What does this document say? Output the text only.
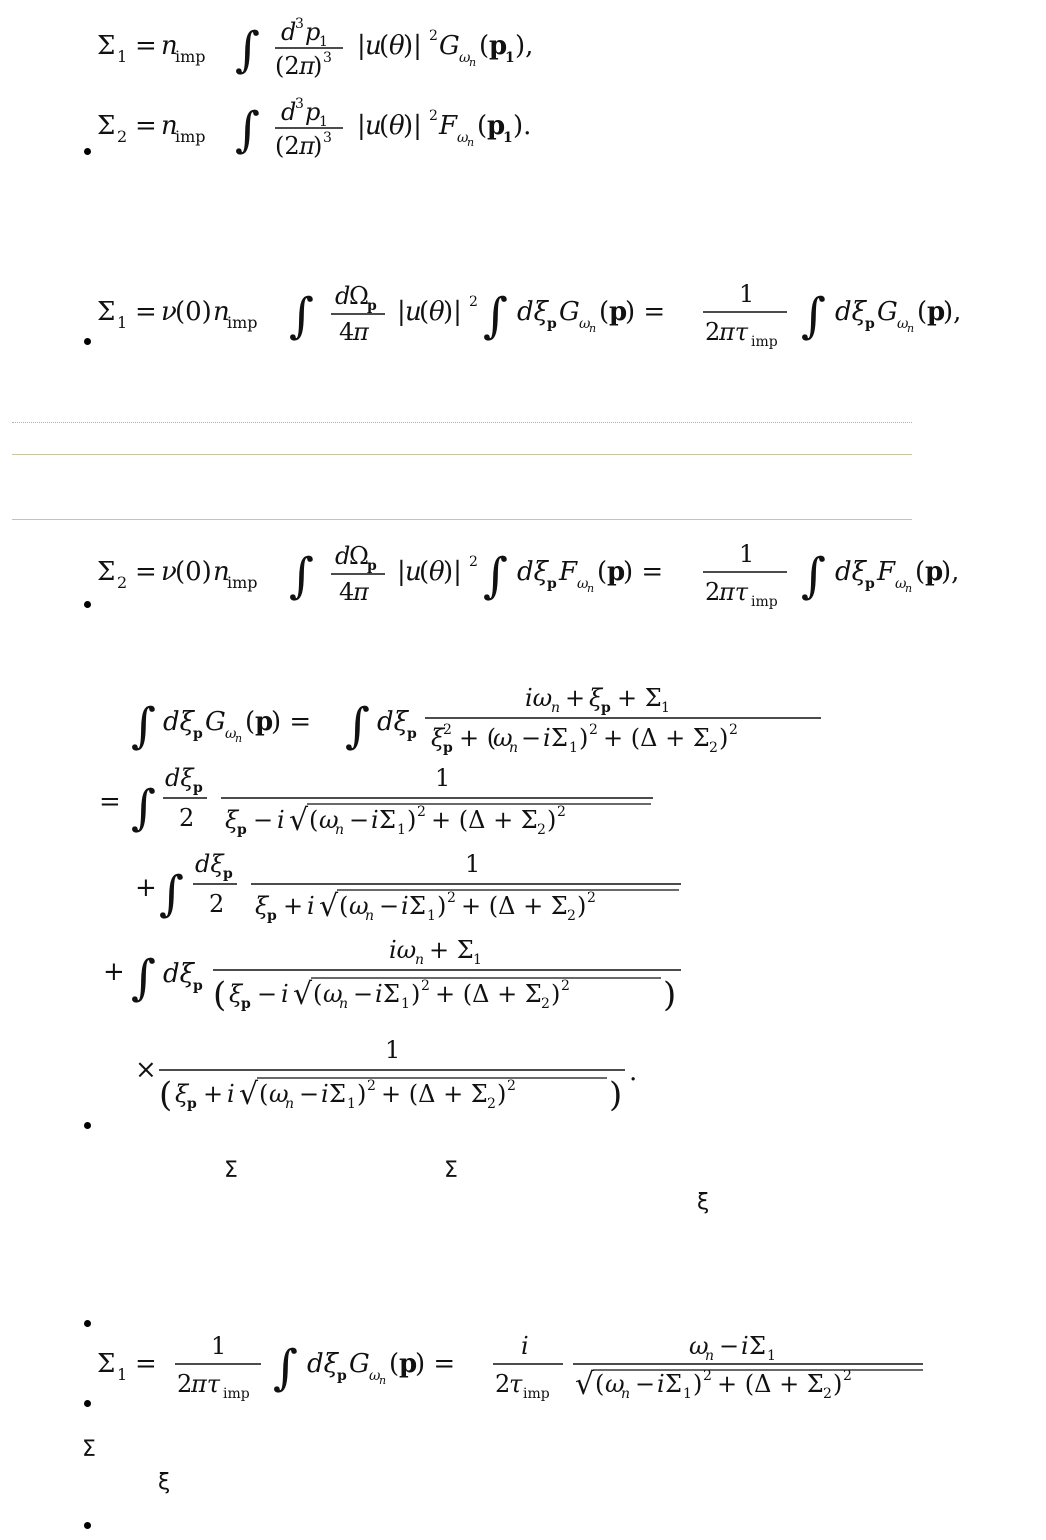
Σ 1 = n
imp ∫ d
3 p
1
(2 π
) 3 | u
( θ
)| 2 G ω
n
( p
1 ),
Σ 2 = n
imp ∫ d
3 p
1
(2 π
) 3 | u
( θ
)| 2 F ω
n
( p
1 ).
Σ 1 = ν
(0) n
imp ∫ d
Ω
p
4
π
| u
( θ
)| 2 ∫ dξ p G ω
n
( p
) =
1
2
πτ imp ∫ dξ p G ω
n
( p
),
Σ 2 = ν
(0) n
imp ∫ d
Ω
p
4
π
| u
( θ
)| 2 ∫ dξ p F ω
n
( p
) =
1
2
πτ imp ∫ dξ p F ω
n
( p
),
∫ dξ p G ω
n
( p
) = ∫ dξ p
iω
n + ξ
p + Σ 1
ξ
2
p + (
ω
n − i Σ 1 ) 2 + (Δ + Σ 2 ) 2
= ∫
dξ p
2
1
ξ
p − i √ ( ω
n − i Σ 1 ) 2 + (Δ + Σ 2 ) 2
+ ∫
dξ p
2
1
ξ
p + i √ ( ω
n − i Σ 1 ) 2 + (Δ + Σ 2 ) 2
+ ∫ dξ p
iω
n + Σ 1
( ξ
p − i √ ( ω
n − i Σ 1 ) 2 + (Δ + Σ 2 ) 2	)
×
1
( ξ
p + i √ ( ω
n − i Σ 1 ) 2 + (Δ + Σ 2 ) 2	)
.
Σ	Σ
ξ
Σ 1 =
1
2
πτ imp ∫ dξ p G ω
n
( p
) =
i
2
τ imp
ω
n − i Σ 1
√ ( ω
n − i Σ 1 ) 2 + (Δ + Σ 2 ) 2
Σ
ξ
